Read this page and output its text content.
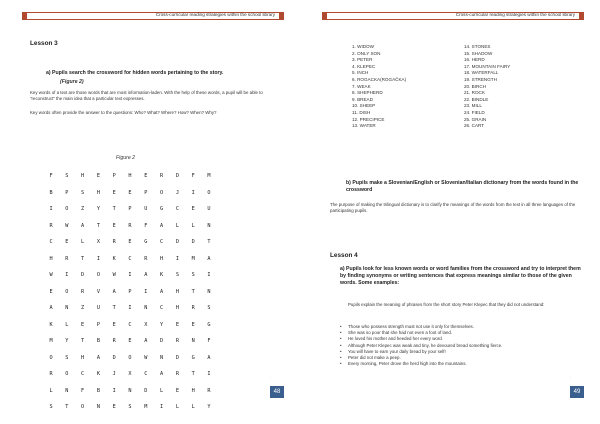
Cross-curricular reading strategies within the school library
Lesson 3
a) Pupils search the crossword for hidden words pertaining to the story.
(Figure 2)
Key words of a text are those words that are most information-laden. With the help of these words, a pupil will be able to "reconstruct" the main idea that a particular text expresses.
Key words often provide the answer to the questions: Who? What? Where? How? When? Why?
Figure 2
F	S	H	E	P	H	E	R	D	F	M
B	P	S	H	E	E	P	O	J	I	O
I	O	Z	Y	T	P	U	G	C	E	U
R	W	A	T	E	R	F	A	L	L	N
C	E	L	X	R	E	G	C	D	D	T
H	R	T	I	K	C	R	H	I	M	A
W	I	D	O	W	I	A	K	S	S	I
E	O	R	V	A	P	I	A	H	T	N
A	N	Z	U	T	I	N	C	H	R	S
K	L	E	P	E	C	X	Y	E	E	G
M	Y	T	B	R	E	A	D	R	N	F
O	S	H	A	D	O	W	N	D	G	A
R	O	C	K	J	X	C	A	R	T	I
L	N	F	B	I	N	D	L	E	H	R
S	T	O	N	E	S	M	I	L	L	Y
·
48
Cross-curricular reading strategies within the school library
1. WIDOW
2. ONLY SON
3. PETER
4. KLEPEC
5. INCH
6. ROGACKA(ROGAČKA)
7. WEAK
8. SHEPHERD
9. BREAD
10. SHEEP
11. DISH
12. PRECIPICE
13. WATER
14. STONES
15. SHADOW
16. HERD
17. MOUNTAIN FAIRY
18. WATERFALL
19. STRENGTH
20. BIRCH
21. ROCK
22. BINDLE
23. MILL
24. FIELD
25. GRAIN
26. CART
b) Pupils make a Slovenian/English or Slovenian/Italian dictionary from the words found in the crossword
The purpose of making the trilingual dictionary is to clarify the meanings of the words from the text in all three languages of the participating pupils.
Lesson 4
a) Pupils look for less known words or word families from the crossword and try to interpret them by finding synonyms or writing sentences that express meanings similar to those of the given words. Some examples:
Pupils explain the meaning of phrases from the short story Peter Klepec that they did not understand:
·
49
• Those who possess strength must not use it only for themselves.
• She was so poor that she had not even a foot of land.
• He loved his mother and heeded her every word.
• Although Peter Klepec was weak and tiny, he devoured bread something fierce.
• You will have to earn your daily bread by your self!
• Peter did not make a peep.
• Every morning, Peter drove the herd high into the mountains.
